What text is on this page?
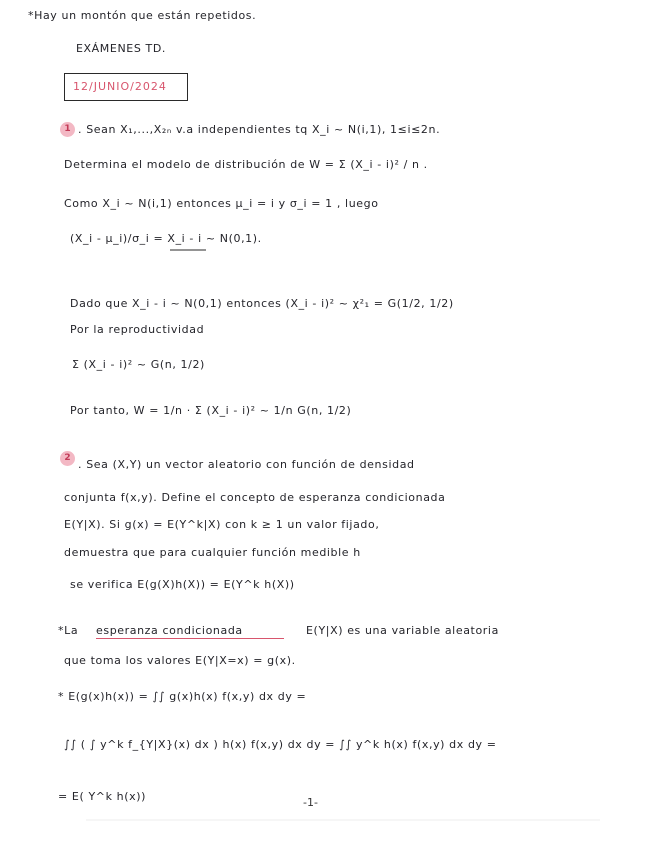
*Hay un montón que están repetidos.
EXÁMENES TD.
12/JUNIO/2024
1 . Sean X₁,...,X₂ₙ v.a independientes tq X_i ~ N(i,1), 1≤i≤2n.
Determina el modelo de distribución de W = Σ (X_i - i)² / n .
Como X_i ~ N(i,1) entonces μ_i = i y σ_i = 1 , luego
(X_i - μ_i)/σ_i = X_i - i ~ N(0,1).
Dado que X_i - i ~ N(0,1) entonces (X_i - i)² ~ χ²₁ = G(1/2, 1/2)
Por la reproductividad
Σ (X_i - i)² ~ G(n, 1/2)
Por tanto, W = 1/n · Σ (X_i - i)² ~ 1/n G(n, 1/2)
2 . Sea (X,Y) un vector aleatorio con función de densidad
conjunta f(x,y). Define el concepto de esperanza condicionada
E(Y|X). Si g(x) = E(Y^k|X) con k ≥ 1 un valor fijado,
demuestra que para cualquier función medible h
se verifica E(g(X)h(X)) = E(Y^k h(X))
*La esperanza condicionada	E(Y|X) es una variable aleatoria
que toma los valores E(Y|X=x) = g(x).
* E(g(x)h(x)) = ∫∫ g(x)h(x) f(x,y) dx dy =
∫∫ ( ∫ y^k f_{Y|X}(x) dx ) h(x) f(x,y) dx dy = ∫∫ y^k h(x) f(x,y) dx dy =
= E( Y^k h(x))	-1-
